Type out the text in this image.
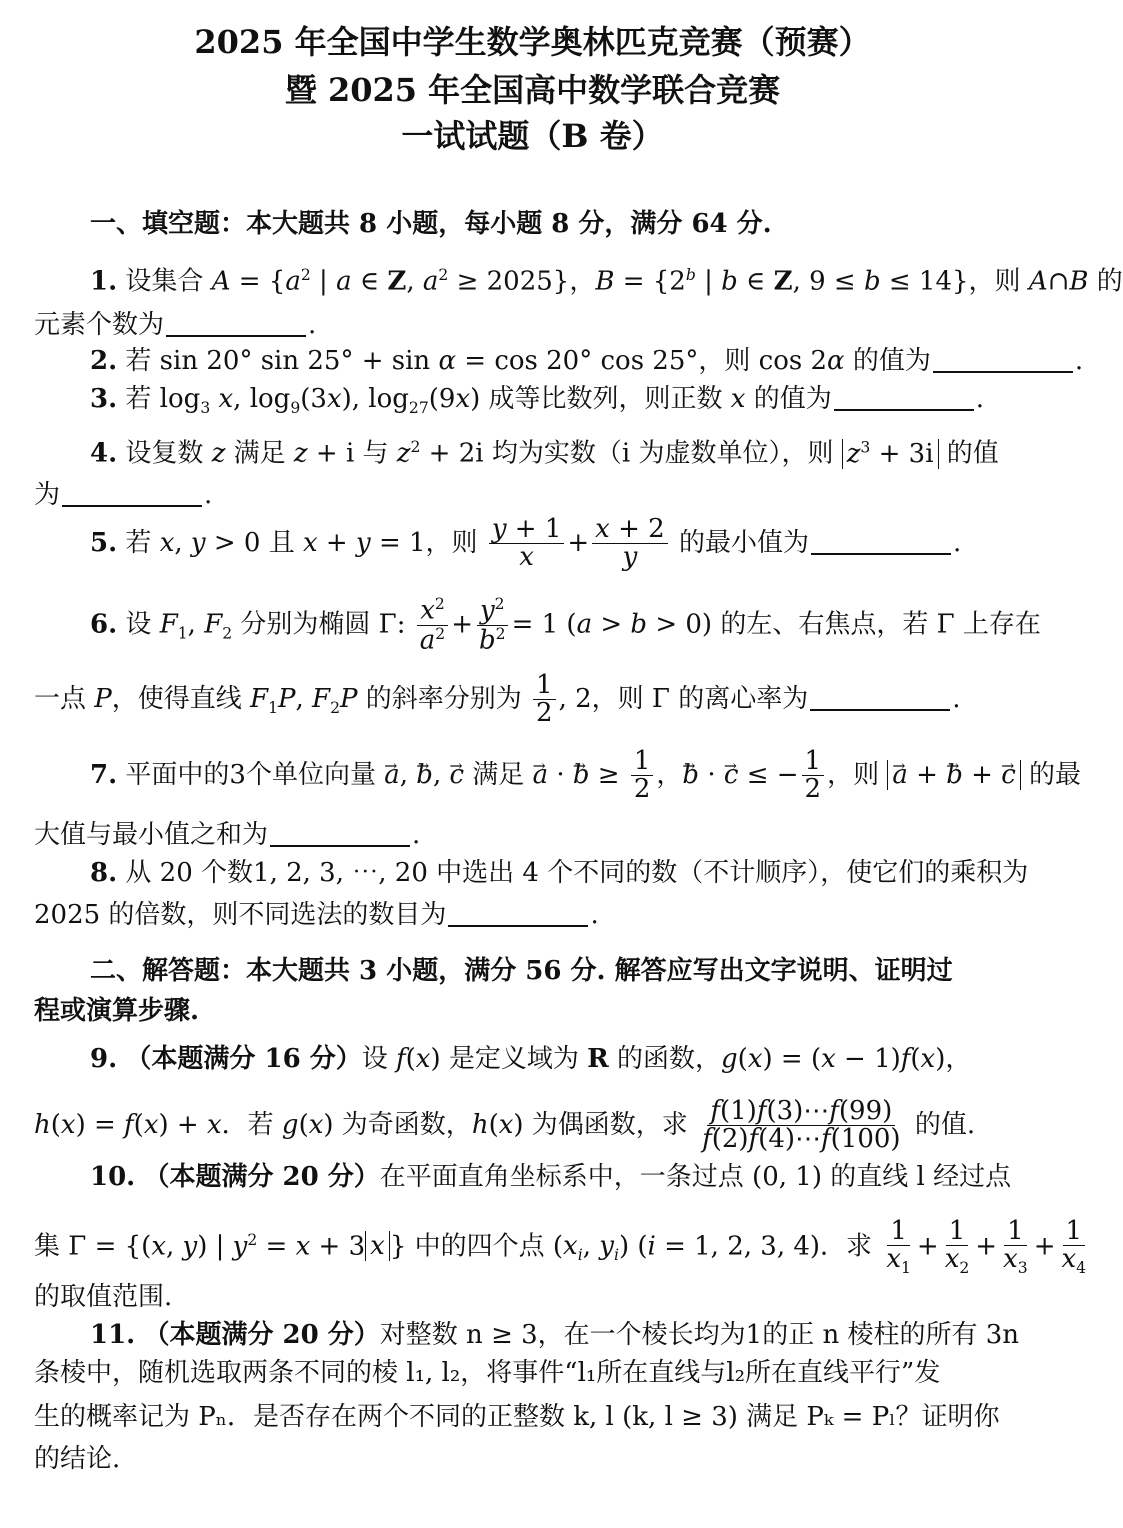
2025 年全国中学生数学奥林匹克竞赛（预赛）
暨 2025 年全国高中数学联合竞赛
一试试题（B 卷）
一、填空题：本大题共 8 小题，每小题 8 分，满分 64 分.
1. 设集合 $A = \{a^2$ | a ∈ Z, $a^2 \ge 2025$}，$B = \{2^b$ | b ∈ Z, 9 ≤ b ≤ 14}，则 A∩B 的
元素个数为	.
2. 若 sin 20° sin 25° + sin α = cos 20° cos 25°，则 cos 2α 的值为	.
3. 若 $\log_3 x$, $\log_9(3x)$, $\log_{27}(9x)$ 成等比数列，则正数 x 的值为	.
4. 设复数 z 满足 z + i 与 $z^2 + 2i$ 均为实数（i 为虚数单位），则 $z^3 + 3i$ 的值
为	.
5. 若 x, y > 0 且 x + y = 1，则 $\frac{y + 1}{x} + \frac{x + 2}{y}$ 的最小值为	.
6. 设 $F_1$, $F_2$ 分别为椭圆 Γ: $\frac{x^2}{a^2} + \frac{y^2}{b^2} = 1$ (a > b > 0) 的左、右焦点，若 Γ 上存在
一点 P，使得直线 $F_1P$, $F_2P$ 的斜率分别为 $\frac{1}{2}$ , 2，则 Γ 的离心率为	.
7. 平面中的3个单位向量 → a, → b, → c 满足 → a · → $b \ge \frac{1}{2}$ ，→ b · → c ≤ − $\frac{1}{2}$ ，则 → a + → b + → c 的最
大值与最小值之和为	.
8. 从 20 个数1, 2, 3, ⋯, 20 中选出 4 个不同的数（不计顺序），使它们的乘积为
2025 的倍数，则不同选法的数目为	.
二、解答题：本大题共 3 小题，满分 56 分. 解答应写出文字说明、证明过
程或演算步骤.
9. （本题满分 16 分）设 f(x) 是定义域为 R 的函数，g(x) = (x − 1)f(x)，
h(x) = f(x) + x．若 g(x) 为奇函数，h(x) 为偶函数，求 $\frac{f(1)f(3)\cdots f(99)}{f(2)f(4)\cdots f(100)}$ 的值.
10. （本题满分 20 分）在平面直角坐标系中，一条过点 (0, 1) 的直线 l 经过点
集 Γ = {(x, y) | $y^2 = x + 3$ x } 中的四个点 ($x_i$, $y_i$) (i = 1, 2, 3, 4)．求 $\frac{1}{x_1} + \frac{1}{x_2} + \frac{1}{x_3} + \frac{1}{x_4}$
的取值范围.
11. （本题满分 20 分）对整数 n ≥ 3，在一个棱长均为1的正 n 棱柱的所有 3n
条棱中，随机选取两条不同的棱 l₁, l₂，将事件“l₁所在直线与l₂所在直线平行”发
生的概率记为 Pₙ．是否存在两个不同的正整数 k, l (k, l ≥ 3) 满足 Pₖ = Pₗ？证明你
的结论.
